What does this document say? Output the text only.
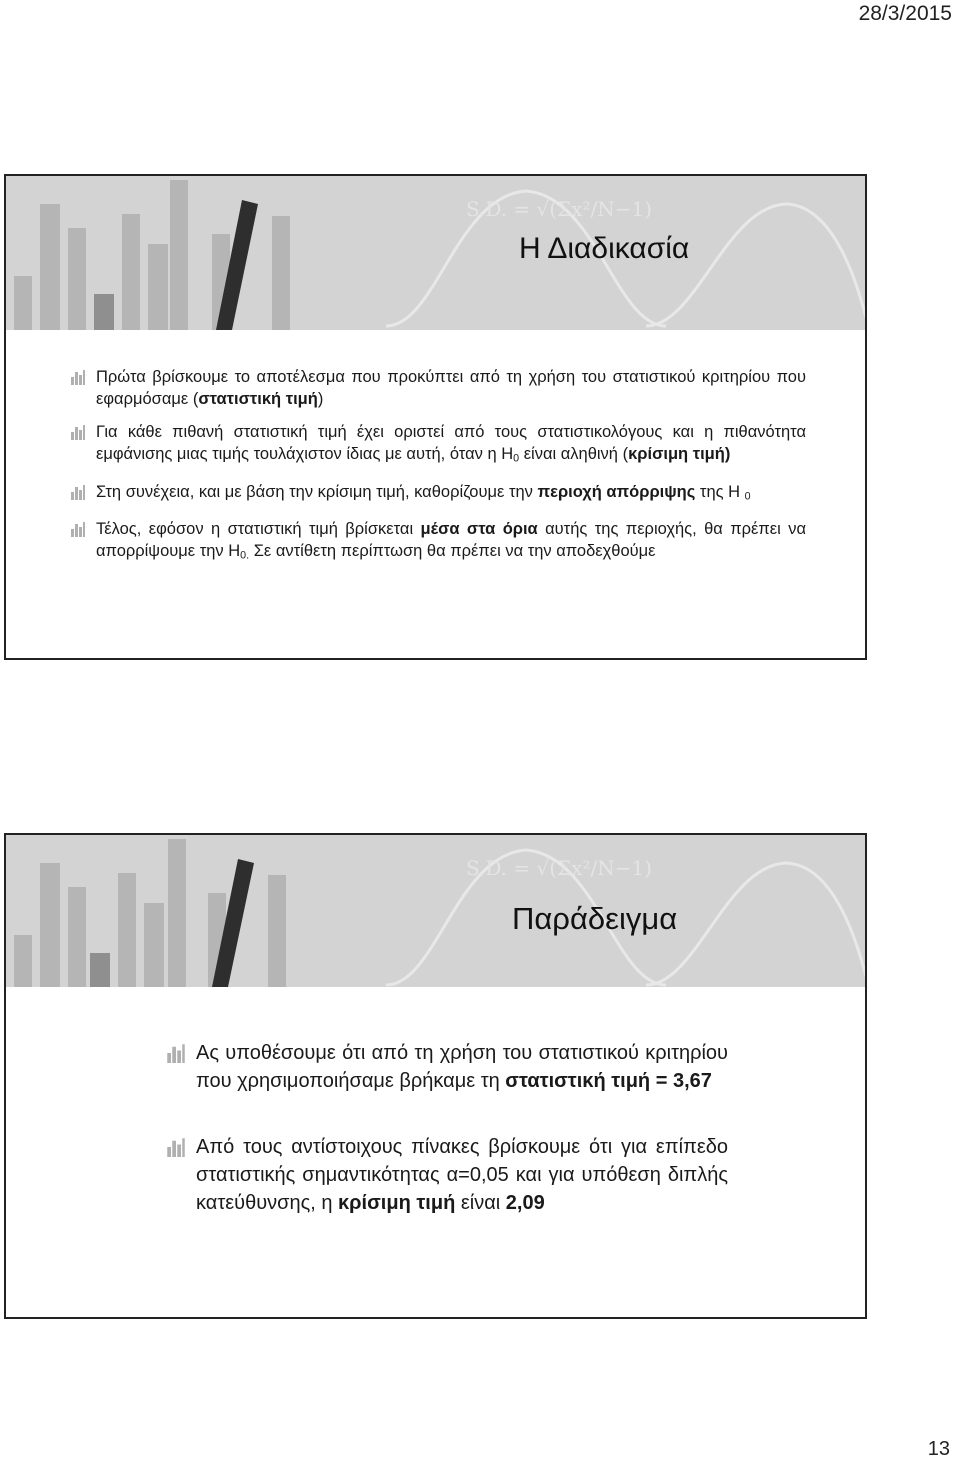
28/3/2015
S.D. = √(Σx²/N−1)
Η Διαδικασία
Πρώτα βρίσκουμε το αποτέλεσμα που προκύπτει από τη χρήση του στατιστικού κριτηρίου που εφαρμόσαμε (στατιστική τιμή)
Για κάθε πιθανή στατιστική τιμή έχει οριστεί από τους στατιστικολόγους και η πιθανότητα εμφάνισης μιας τιμής τουλάχιστον ίδιας με αυτή, όταν η $H_0$ είναι αληθινή (κρίσιμη τιμή)
Στη συνέχεια, και με βάση την κρίσιμη τιμή, καθορίζουμε την περιοχή απόρριψης της Η $_0$
Τέλος, εφόσον η στατιστική τιμή βρίσκεται μέσα στα όρια αυτής της περιοχής, θα πρέπει να απορρίψουμε την $H_{0.}$ Σε αντίθετη περίπτωση θα πρέπει να την αποδεχθούμε
S.D. = √(Σx²/N−1)
Παράδειγμα
Ας υποθέσουμε ότι από τη χρήση του στατιστικού κριτηρίου που χρησιμοποιήσαμε βρήκαμε τη στατιστική τιμή = 3,67
Από τους αντίστοιχους πίνακες βρίσκουμε ότι για επίπεδο στατιστικής σημαντικότητας α=0,05 και για υπόθεση διπλής κατεύθυνσης, η κρίσιμη τιμή είναι 2,09
13
